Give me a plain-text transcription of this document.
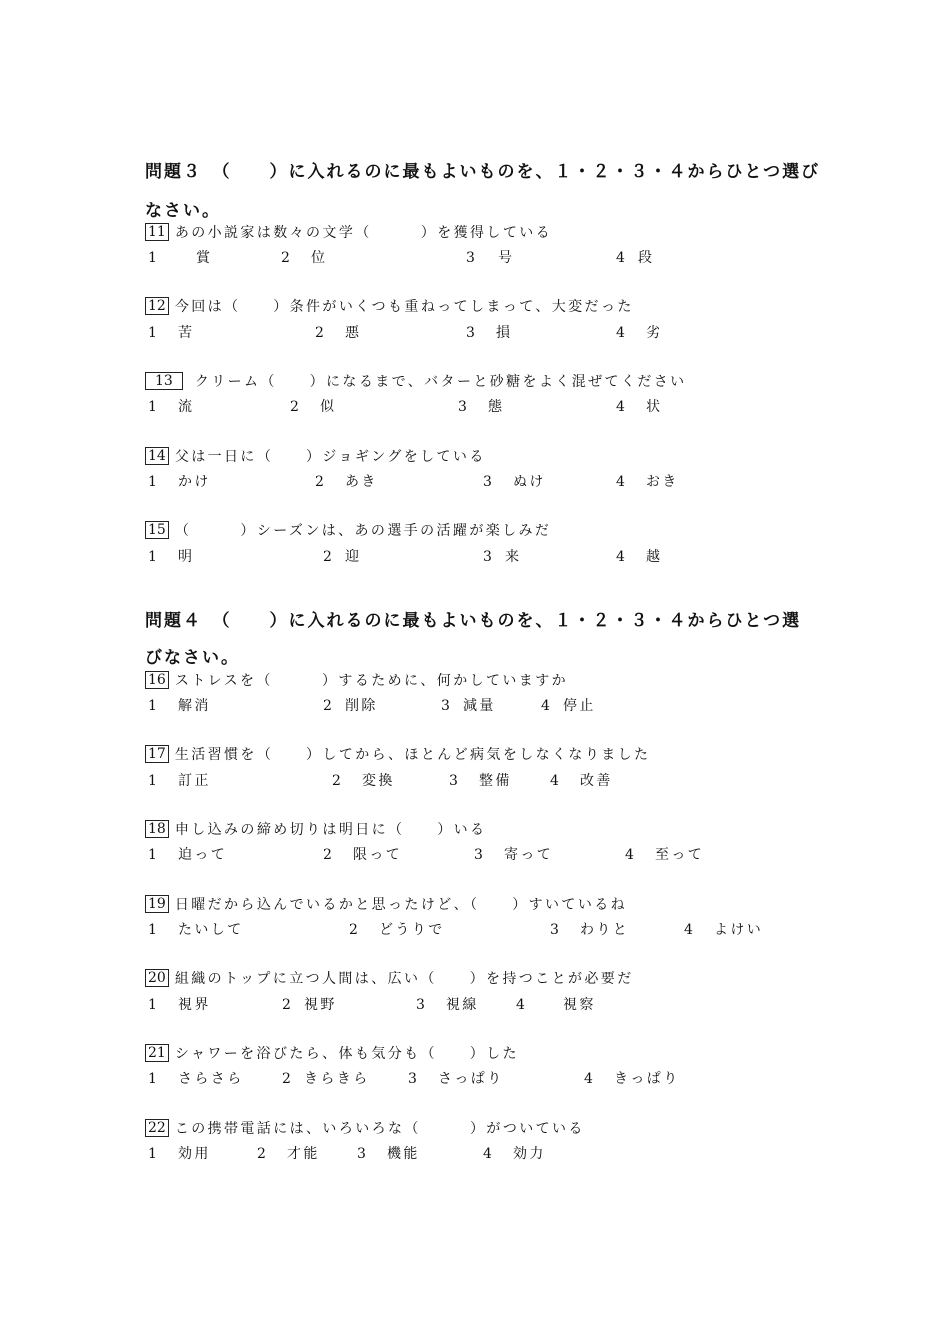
問題３　（　　）に入れるのに最もよいものを、１・２・３・４からひとつ選び
なさい。
11 あの小説家は数々の文学（　　　）を獲得している
1	賞	2 位	3 号	4 段
12 今回は（　　）条件がいくつも重ねってしまって、大変だった
1 苦	2 悪	3 損	4 劣
13 クリーム（　　）になるまで、バターと砂糖をよく混ぜてください
1 流	2 似	3 態	4 状
14 父は一日に（　　）ジョギングをしている
1 かけ	2 あき	3 ぬけ	4 おき
15 （　　　）シーズンは、あの選手の活躍が楽しみだ
1 明	2 迎	3 来	4 越
問題４　（　　）に入れるのに最もよいものを、１・２・３・４からひとつ選
びなさい。
16 ストレスを（　　　）するために、何かしていますか
1 解消	2 削除	3 減量	4 停止
17 生活習慣を（　　）してから、ほとんど病気をしなくなりました
1 訂正	2 変換	3 整備	4 改善
18 申し込みの締め切りは明日に（　　）いる
1 迫って	2 限って	3 寄って	4 至って
19 日曜だから込んでいるかと思ったけど、（　　）すいているね
1 たいして	2 どうりで	3 わりと	4 よけい
20 組織のトップに立つ人間は、広い（　　）を持つことが必要だ
1 視界	2 視野	3 視線	4	視察
21 シャワーを浴びたら、体も気分も（　　）した
1 さらさら	2 きらきら	3 さっぱり	4 きっぱり
22 この携帯電話には、いろいろな（　　　）がついている
1 効用	2 才能	3 機能	4 効力
